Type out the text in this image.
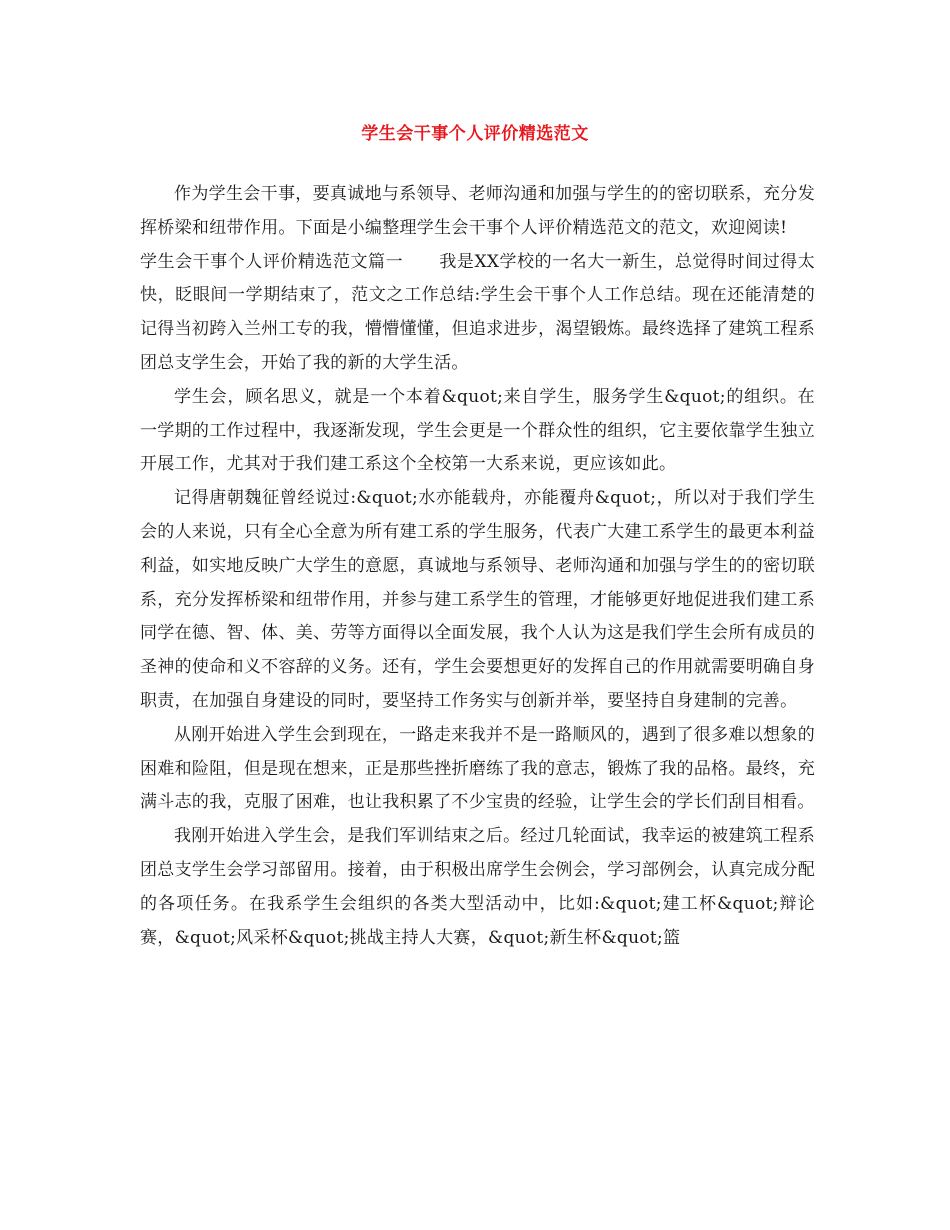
学生会干事个人评价精选范文

作为学生会干事，要真诚地与系领导、老师沟通和加强与学生的的密切联系，充分发挥桥梁和纽带作用。下面是小编整理学生会干事个人评价精选范文的范文，欢迎阅读!

学生会干事个人评价精选范文篇一 我是XX学校的一名大一新生，总觉得时间过得太快，眨眼间一学期结束了，范文之工作总结:学生会干事个人工作总结。现在还能清楚的记得当初跨入兰州工专的我，懵懵懂懂，但追求进步，渴望锻炼。最终选择了建筑工程系团总支学生会，开始了我的新的大学生活。

学生会，顾名思义，就是一个本着&quot;来自学生，服务学生&quot;的组织。在一学期的工作过程中，我逐渐发现，学生会更是一个群众性的组织，它主要依靠学生独立开展工作，尤其对于我们建工系这个全校第一大系来说，更应该如此。

记得唐朝魏征曾经说过:&quot;水亦能载舟，亦能覆舟&quot;，所以对于我们学生会的人来说，只有全心全意为所有建工系的学生服务，代表广大建工系学生的最更本利益利益，如实地反映广大学生的意愿，真诚地与系领导、老师沟通和加强与学生的的密切联系，充分发挥桥梁和纽带作用，并参与建工系学生的管理，才能够更好地促进我们建工系同学在德、智、体、美、劳等方面得以全面发展，我个人认为这是我们学生会所有成员的圣神的使命和义不容辞的义务。还有，学生会要想更好的发挥自己的作用就需要明确自身职责，在加强自身建设的同时，要坚持工作务实与创新并举，要坚持自身建制的完善。

从刚开始进入学生会到现在，一路走来我并不是一路顺风的，遇到了很多难以想象的困难和险阻，但是现在想来，正是那些挫折磨练了我的意志，锻炼了我的品格。最终，充满斗志的我，克服了困难，也让我积累了不少宝贵的经验，让学生会的学长们刮目相看。

我刚开始进入学生会，是我们军训结束之后。经过几轮面试，我幸运的被建筑工程系团总支学生会学习部留用。接着，由于积极出席学生会例会，学习部例会，认真完成分配的各项任务。在我系学生会组织的各类大型活动中，比如:&quot;建工杯&quot;辩论赛，&quot;风采杯&quot;挑战主持人大赛，&quot;新生杯&quot;篮
